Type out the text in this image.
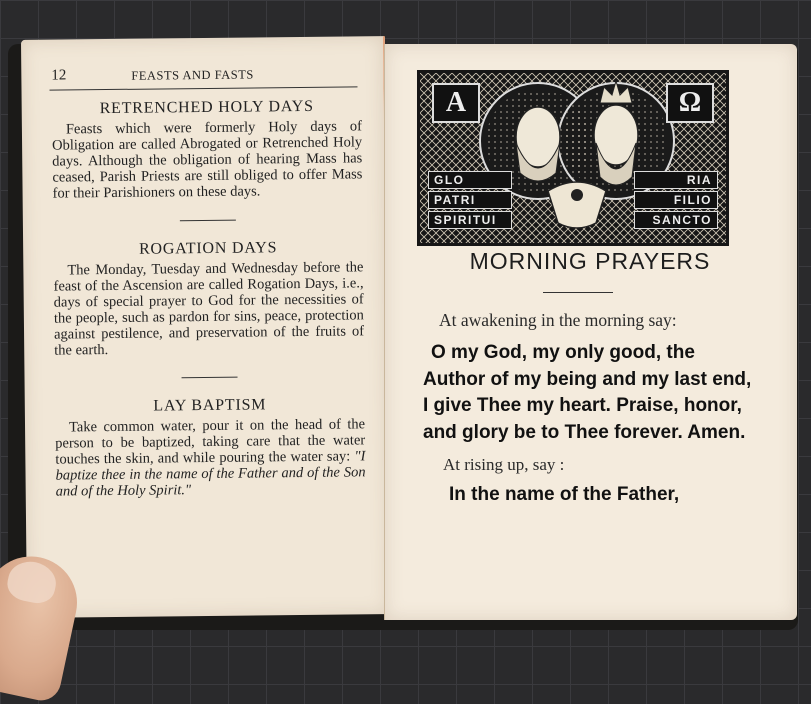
12	FEASTS AND FASTS
RETRENCHED HOLY DAYS

Feasts which were formerly Holy days of Obligation are called Abrogated or Retrenched Holy days. Although the obligation of hearing Mass has ceased, Parish Priests are still obliged to offer Mass for their Parishioners on these days.

ROGATION DAYS

The Monday, Tuesday and Wednesday before the feast of the Ascension are called Rogation Days, i.e., days of special prayer to God for the necessities of the people, such as pardon for sins, peace, protection against pestilence, and preservation of the fruits of the earth.

LAY BAPTISM

Take common water, pour it on the head of the person to be baptized, taking care that the water touches the skin, and while pouring the water say: "I baptize thee in the name of the Father and of the Son and of the Holy Spirit."

A	Ω
GLO
PATRI
SPIRITUI
RIA
FILIO
SANCTO
MORNING PRAYERS

At awakening in the morning say:

O my God, my only good, the Author of my being and my last end, I give Thee my heart. Praise, honor, and glory be to Thee forever. Amen.

At rising up, say :

In the name of the Father,
